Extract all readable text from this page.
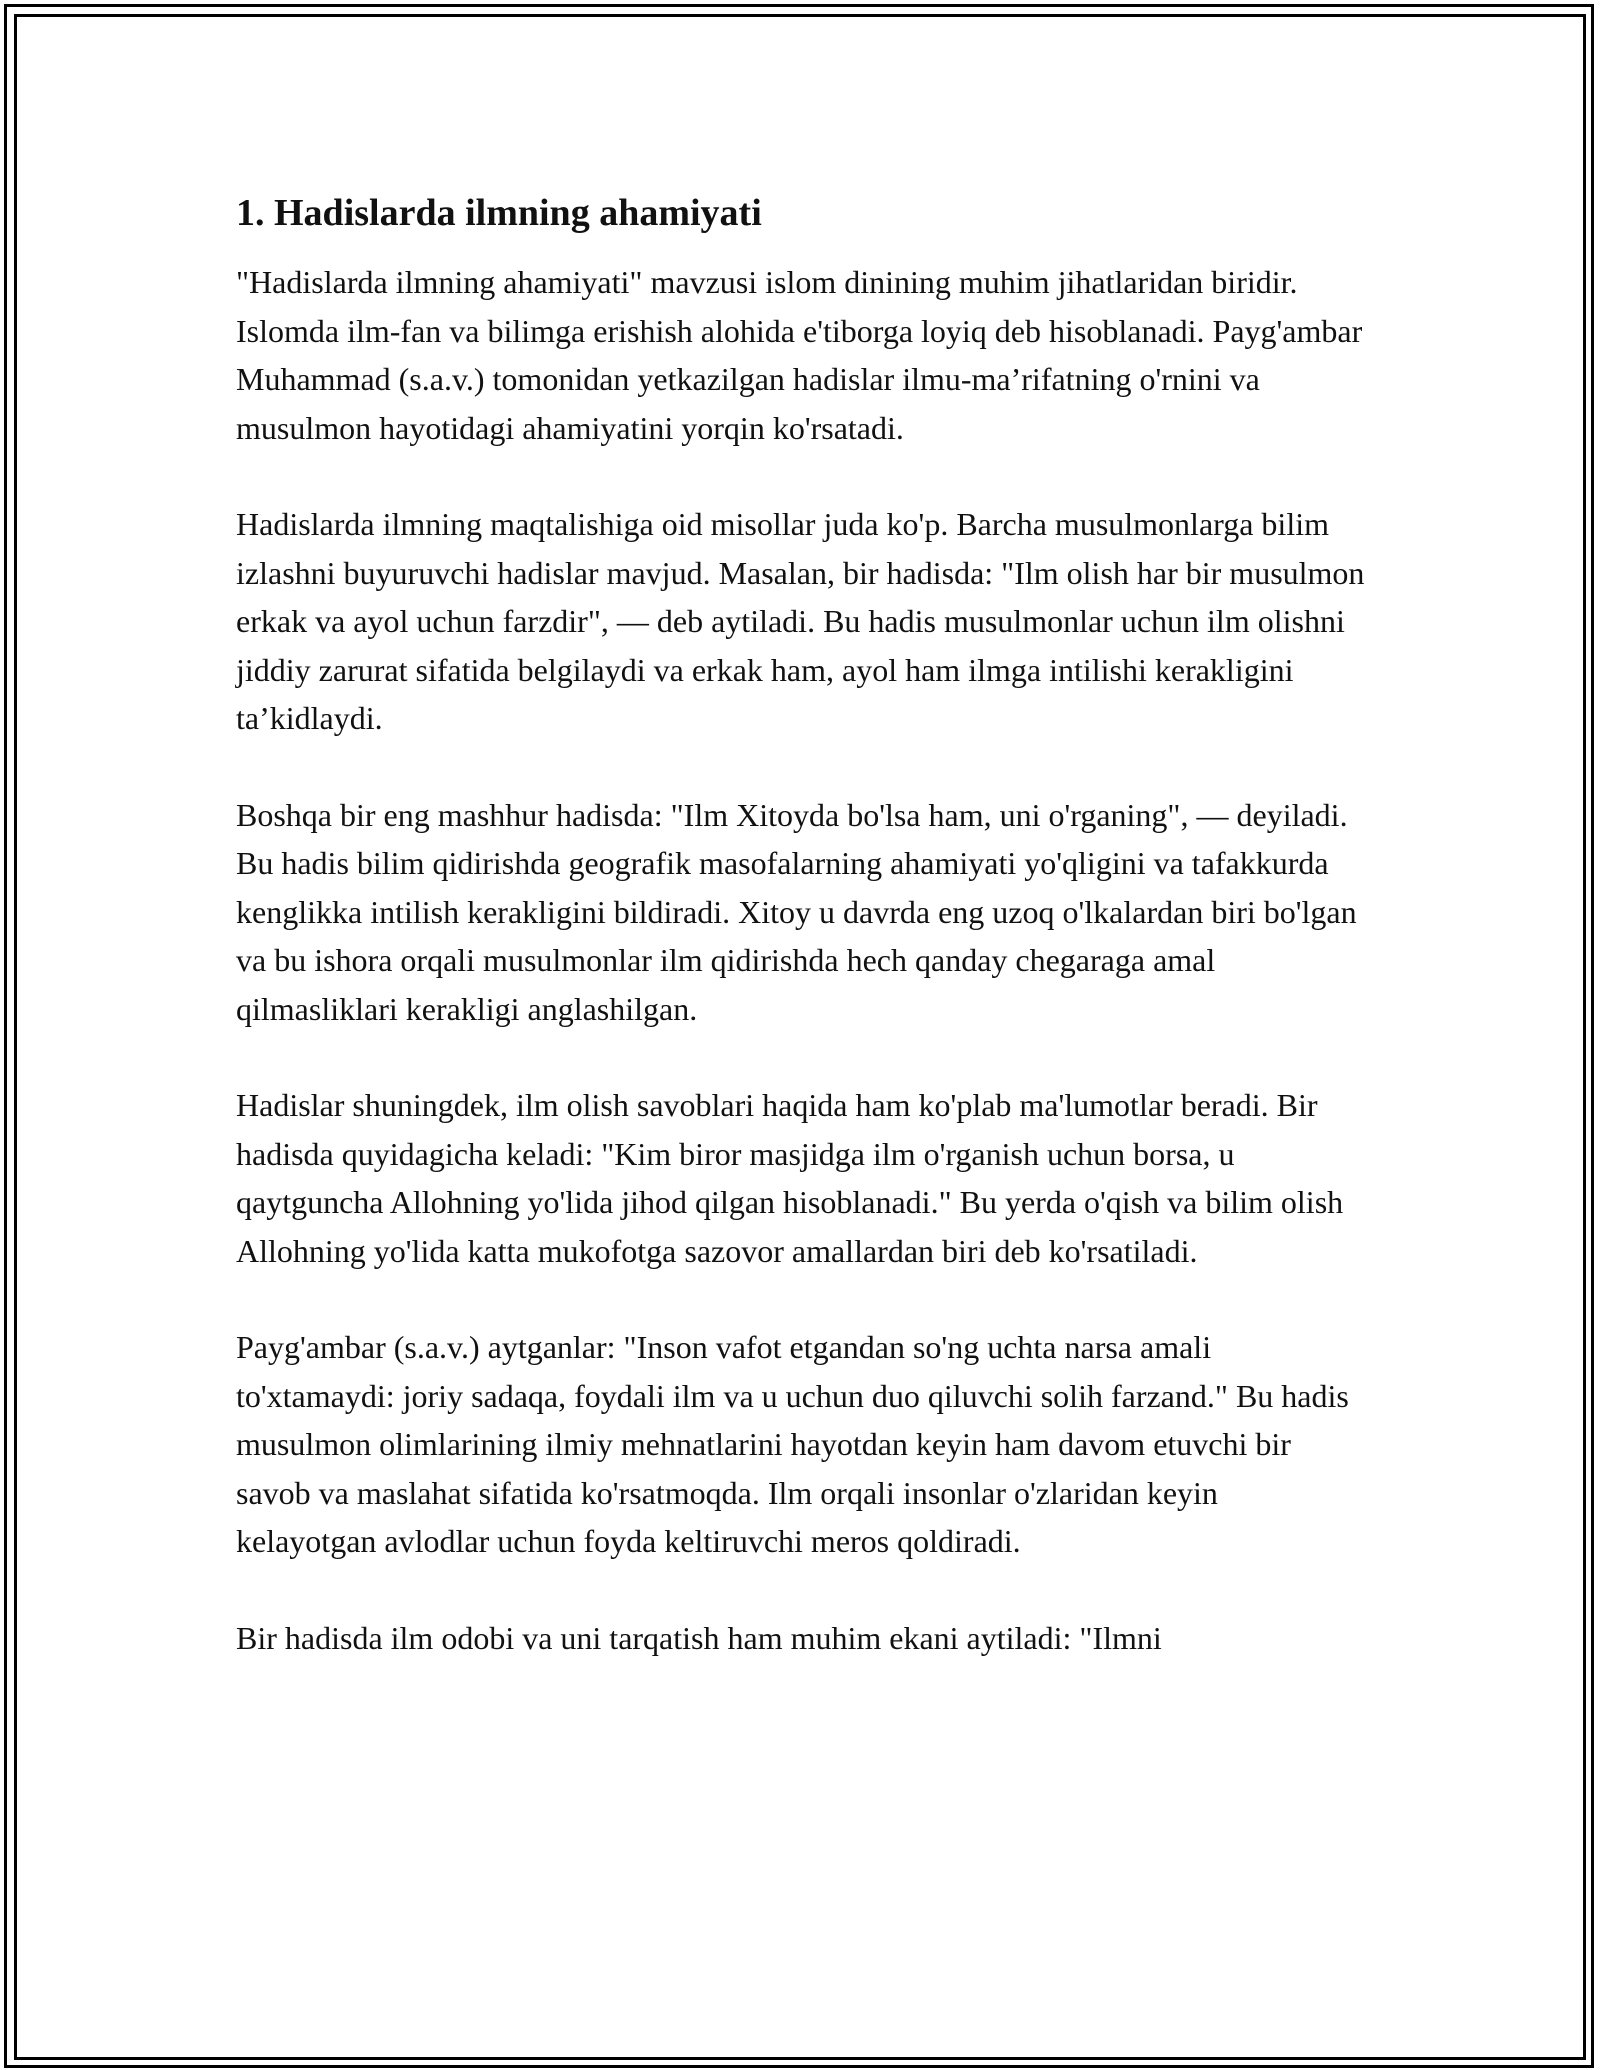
1. Hadislarda ilmning ahamiyati

"Hadislarda ilmning ahamiyati" mavzusi islom dinining muhim jihatlaridan biridir. Islomda ilm-fan va bilimga erishish alohida e'tiborga loyiq deb hisoblanadi. Payg'ambar Muhammad (s.a.v.) tomonidan yetkazilgan hadislar ilmu-ma’rifatning o'rnini va musulmon hayotidagi ahamiyatini yorqin ko'rsatadi.

Hadislarda ilmning maqtalishiga oid misollar juda ko'p. Barcha musulmonlarga bilim izlashni buyuruvchi hadislar mavjud. Masalan, bir hadisda: "Ilm olish har bir musulmon erkak va ayol uchun farzdir", — deb aytiladi. Bu hadis musulmonlar uchun ilm olishni jiddiy zarurat sifatida belgilaydi va erkak ham, ayol ham ilmga intilishi kerakligini ta’kidlaydi.

Boshqa bir eng mashhur hadisda: "Ilm Xitoyda bo'lsa ham, uni o'rganing", — deyiladi. Bu hadis bilim qidirishda geografik masofalarning ahamiyati yo'qligini va tafakkurda kenglikka intilish kerakligini bildiradi. Xitoy u davrda eng uzoq o'lkalardan biri bo'lgan va bu ishora orqali musulmonlar ilm qidirishda hech qanday chegaraga amal qilmasliklari kerakligi anglashilgan.

Hadislar shuningdek, ilm olish savoblari haqida ham ko'plab ma'lumotlar beradi. Bir hadisda quyidagicha keladi: "Kim biror masjidga ilm o'rganish uchun borsa, u qaytguncha Allohning yo'lida jihod qilgan hisoblanadi." Bu yerda o'qish va bilim olish Allohning yo'lida katta mukofotga sazovor amallardan biri deb ko'rsatiladi.

Payg'ambar (s.a.v.) aytganlar: "Inson vafot etgandan so'ng uchta narsa amali to'xtamaydi: joriy sadaqa, foydali ilm va u uchun duo qiluvchi solih farzand." Bu hadis musulmon olimlarining ilmiy mehnatlarini hayotdan keyin ham davom etuvchi bir savob va maslahat sifatida ko'rsatmoqda. Ilm orqali insonlar o'zlaridan keyin kelayotgan avlodlar uchun foyda keltiruvchi meros qoldiradi.

Bir hadisda ilm odobi va uni tarqatish ham muhim ekani aytiladi: "Ilmni
